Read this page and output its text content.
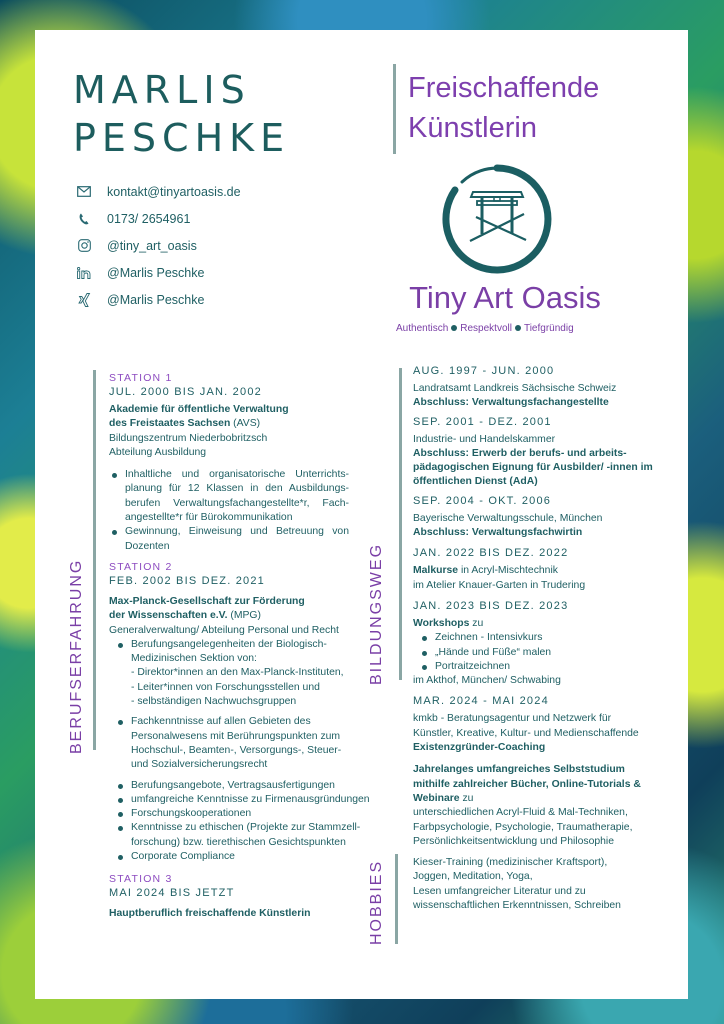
MARLIS
PESCHKE
Freischaffende
Künstlerin
kontakt@tinyartoasis.de
0173/ 2654961
@tiny_art_oasis
@Marlis Peschke
@Marlis Peschke	Tiny Art Oasis
Authentisch Respektvoll Tiefgründig
BERUFSERFAHRUNG	BILDUNGSWEG
HOBBIES
STATION 1
JUL. 2000 BIS JAN. 2002
Akademie für öffentliche Verwaltung
des Freistaates Sachsen (AVS)
Bildungszentrum Niederbobritzsch
Abteilung Ausbildung
Inhaltliche und organisatorische Unterrichts-planung für 12 Klassen in den Ausbildungs-berufen Verwaltungsfachangestellte*r, Fach-angestellte*r für Bürokommunikation
Gewinnung, Einweisung und Betreuung von Dozenten
STATION 2
FEB. 2002 BIS DEZ. 2021
Max-Planck-Gesellschaft zur Förderung
der Wissenschaften e.V. (MPG)
Generalverwaltung/ Abteilung Personal und Recht
Berufungsangelegenheiten der Biologisch-Medizinischen Sektion von:
- Direktor*innen an den Max-Planck-Instituten,
- Leiter*innen von Forschungsstellen und
- selbständigen Nachwuchsgruppen
Fachkenntnisse auf allen Gebieten des Personalwesens mit Berührungspunkten zum Hochschul-, Beamten-, Versorgungs-, Steuer- und Sozialversicherungsrecht
Berufungsangebote, Vertragsausfertigungen
umfangreiche Kenntnisse zu Firmenausgründungen
Forschungskooperationen
Kenntnisse zu ethischen (Projekte zur Stammzell-forschung) bzw. tierethischen Gesichtspunkten
Corporate Compliance
STATION 3
MAI 2024 BIS JETZT
Hauptberuflich freischaffende Künstlerin
AUG. 1997 - JUN. 2000
Landratsamt Landkreis Sächsische Schweiz
Abschluss: Verwaltungsfachangestellte
SEP. 2001 - DEZ. 2001
Industrie- und Handelskammer
Abschluss: Erwerb der berufs- und arbeits-pädagogischen Eignung für Ausbilder/ -innen im öffentlichen Dienst (AdA)
SEP. 2004 - OKT. 2006
Bayerische Verwaltungsschule, München
Abschluss: Verwaltungsfachwirtin
JAN. 2022 BIS DEZ. 2022
Malkurse in Acryl-Mischtechnik
im Atelier Knauer-Garten in Trudering
JAN. 2023 BIS DEZ. 2023
Workshops zu
Zeichnen - Intensivkurs
„Hände und Füße“ malen
Portraitzeichnen
im Akthof, München/ Schwabing
MAR. 2024 - MAI 2024
kmkb - Beratungsagentur und Netzwerk für Künstler, Kreative, Kultur- und Medienschaffende
Existenzgründer-Coaching
Jahrelanges umfangreiches Selbststudium mithilfe zahlreicher Bücher, Online-Tutorials & Webinare zu
unterschiedlichen Acryl-Fluid & Mal-Techniken, Farbpsychologie, Psychologie, Traumatherapie, Persönlichkeitsentwicklung und Philosophie
Kieser-Training (medizinischer Kraftsport),
Joggen, Meditation, Yoga,
Lesen umfangreicher Literatur und zu
wissenschaftlichen Erkenntnissen, Schreiben
